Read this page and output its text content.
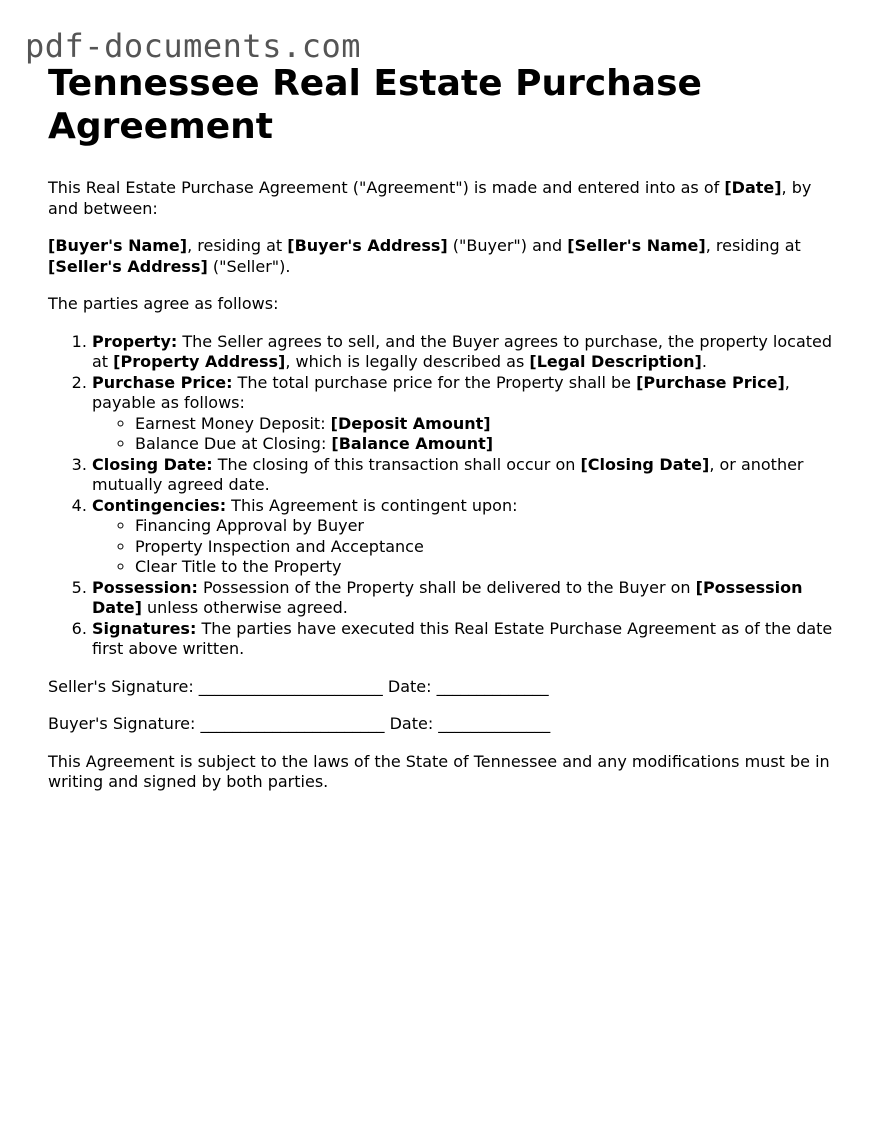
pdf-documents.com
Tennessee Real Estate Purchase Agreement

This Real Estate Purchase Agreement ("Agreement") is made and entered into as of [Date], by and between:

[Buyer's Name], residing at [Buyer's Address] ("Buyer") and [Seller's Name], residing at [Seller's Address] ("Seller").

The parties agree as follows:

1. Property: The Seller agrees to sell, and the Buyer agrees to purchase, the property located at [Property Address], which is legally described as [Legal Description].
2. Purchase Price: The total purchase price for the Property shall be [Purchase Price], payable as follows:
◦ Earnest Money Deposit: [Deposit Amount]
◦ Balance Due at Closing: [Balance Amount]
3. Closing Date: The closing of this transaction shall occur on [Closing Date], or another mutually agreed date.
4. Contingencies: This Agreement is contingent upon:
◦ Financing Approval by Buyer
◦ Property Inspection and Acceptance
◦ Clear Title to the Property
5. Possession: Possession of the Property shall be delivered to the Buyer on [Possession Date] unless otherwise agreed.
6. Signatures: The parties have executed this Real Estate Purchase Agreement as of the date first above written.

Seller's Signature: _______________________ Date: ______________

Buyer's Signature: _______________________ Date: ______________

This Agreement is subject to the laws of the State of Tennessee and any modifications must be in writing and signed by both parties.
